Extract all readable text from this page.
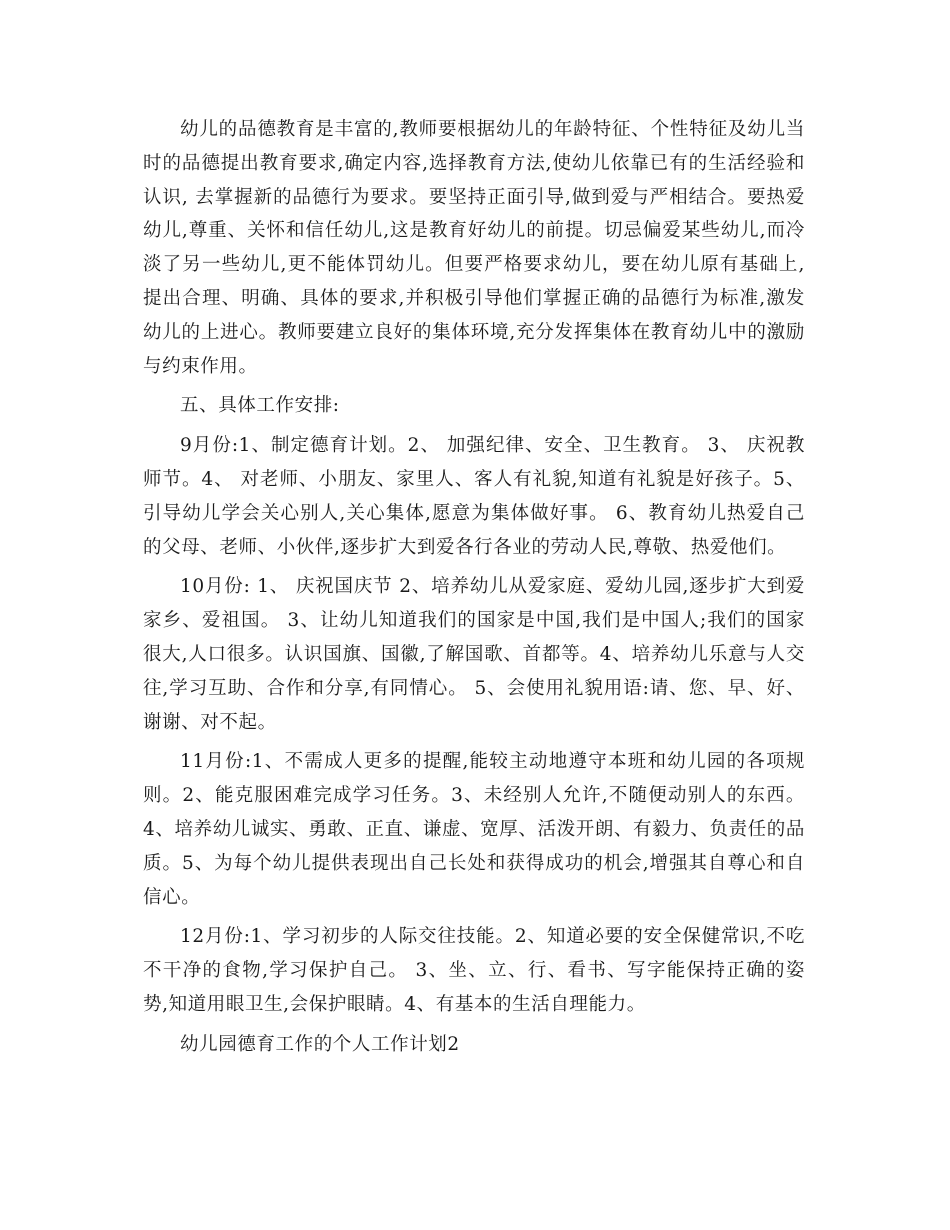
幼儿的品德教育是丰富的,教师要根据幼儿的年龄特征、个性特征及幼儿当时的品德提出教育要求,确定内容,选择教育方法,使幼儿依靠已有的生活经验和认识, 去掌握新的品德行为要求。要坚持正面引导,做到爱与严相结合。要热爱幼儿,尊重、关怀和信任幼儿,这是教育好幼儿的前提。切忌偏爱某些幼儿,而冷淡了另一些幼儿,更不能体罚幼儿。但要严格要求幼儿，要在幼儿原有基础上,提出合理、明确、具体的要求,并积极引导他们掌握正确的品德行为标准,激发幼儿的上进心。教师要建立良好的集体环境,充分发挥集体在教育幼儿中的激励与约束作用。

五、具体工作安排:

9月份:1、制定德育计划。2、 加强纪律、安全、卫生教育。 3、 庆祝教师节。4、 对老师、小朋友、家里人、客人有礼貌,知道有礼貌是好孩子。5、 引导幼儿学会关心别人,关心集体,愿意为集体做好事。 6、教育幼儿热爱自己的父母、老师、小伙伴,逐步扩大到爱各行各业的劳动人民,尊敬、热爱他们。

10月份: 1、 庆祝国庆节 2、培养幼儿从爱家庭、爱幼儿园,逐步扩大到爱家乡、爱祖国。 3、让幼儿知道我们的国家是中国,我们是中国人;我们的国家很大,人口很多。认识国旗、国徽,了解国歌、首都等。4、培养幼儿乐意与人交往,学习互助、合作和分享,有同情心。 5、会使用礼貌用语:请、您、早、好、谢谢、对不起。

11月份:1、不需成人更多的提醒,能较主动地遵守本班和幼儿园的各项规则。2、能克服困难完成学习任务。3、未经别人允许,不随便动别人的东西。4、培养幼儿诚实、勇敢、正直、谦虚、宽厚、活泼开朗、有毅力、负责任的品质。5、为每个幼儿提供表现出自己长处和获得成功的机会,增强其自尊心和自信心。

12月份:1、学习初步的人际交往技能。2、知道必要的安全保健常识,不吃不干净的食物,学习保护自己。 3、坐、立、行、看书、写字能保持正确的姿势,知道用眼卫生,会保护眼睛。4、有基本的生活自理能力。

幼儿园德育工作的个人工作计划2
